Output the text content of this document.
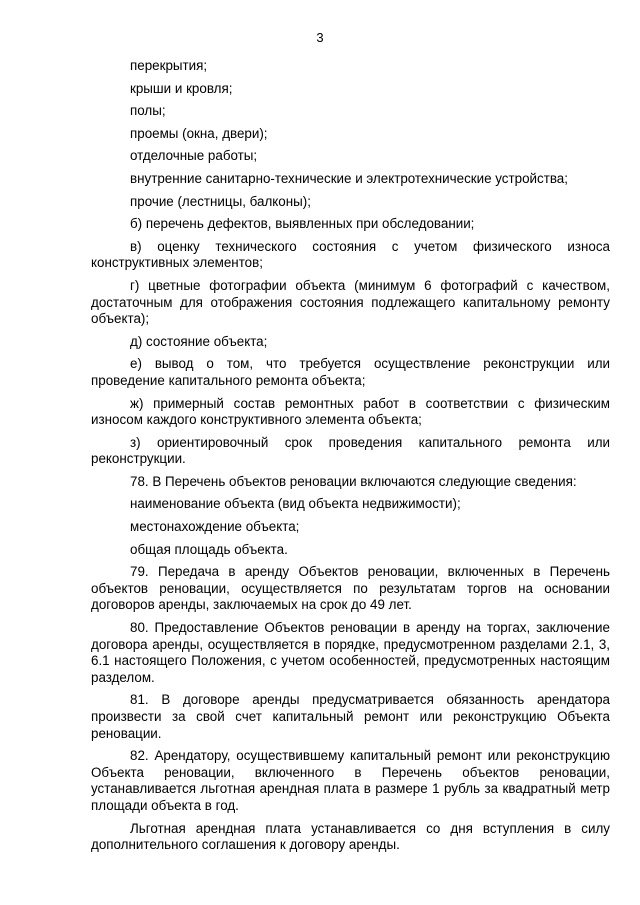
3

перекрытия;

крыши и кровля;

полы;

проемы (окна, двери);

отделочные работы;

внутренние санитарно-технические и электротехнические устройства;

прочие (лестницы, балконы);

б) перечень дефектов, выявленных при обследовании;

в) оценку технического состояния с учетом физического износа конструктивных элементов;

г) цветные фотографии объекта (минимум 6 фотографий с качеством, достаточным для отображения состояния подлежащего капитальному ремонту объекта);

д) состояние объекта;

е) вывод о том, что требуется осуществление реконструкции или проведение капитального ремонта объекта;

ж) примерный состав ремонтных работ в соответствии с физическим износом каждого конструктивного элемента объекта;

з) ориентировочный срок проведения капитального ремонта или реконструкции.

78. В Перечень объектов реновации включаются следующие сведения:

наименование объекта (вид объекта недвижимости);

местонахождение объекта;

общая площадь объекта.

79. Передача в аренду Объектов реновации, включенных в Перечень объектов реновации, осуществляется по результатам торгов на основании договоров аренды, заключаемых на срок до 49 лет.

80. Предоставление Объектов реновации в аренду на торгах, заключение договора аренды, осуществляется в порядке, предусмотренном разделами 2.1, 3, 6.1 настоящего Положения, с учетом особенностей, предусмотренных настоящим разделом.

81. В договоре аренды предусматривается обязанность арендатора произвести за свой счет капитальный ремонт или реконструкцию Объекта реновации.

82. Арендатору, осуществившему капитальный ремонт или реконструкцию Объекта реновации, включенного в Перечень объектов реновации, устанавливается льготная арендная плата в размере 1 рубль за квадратный метр площади объекта в год.

Льготная арендная плата устанавливается со дня вступления в силу дополнительного соглашения к договору аренды.
